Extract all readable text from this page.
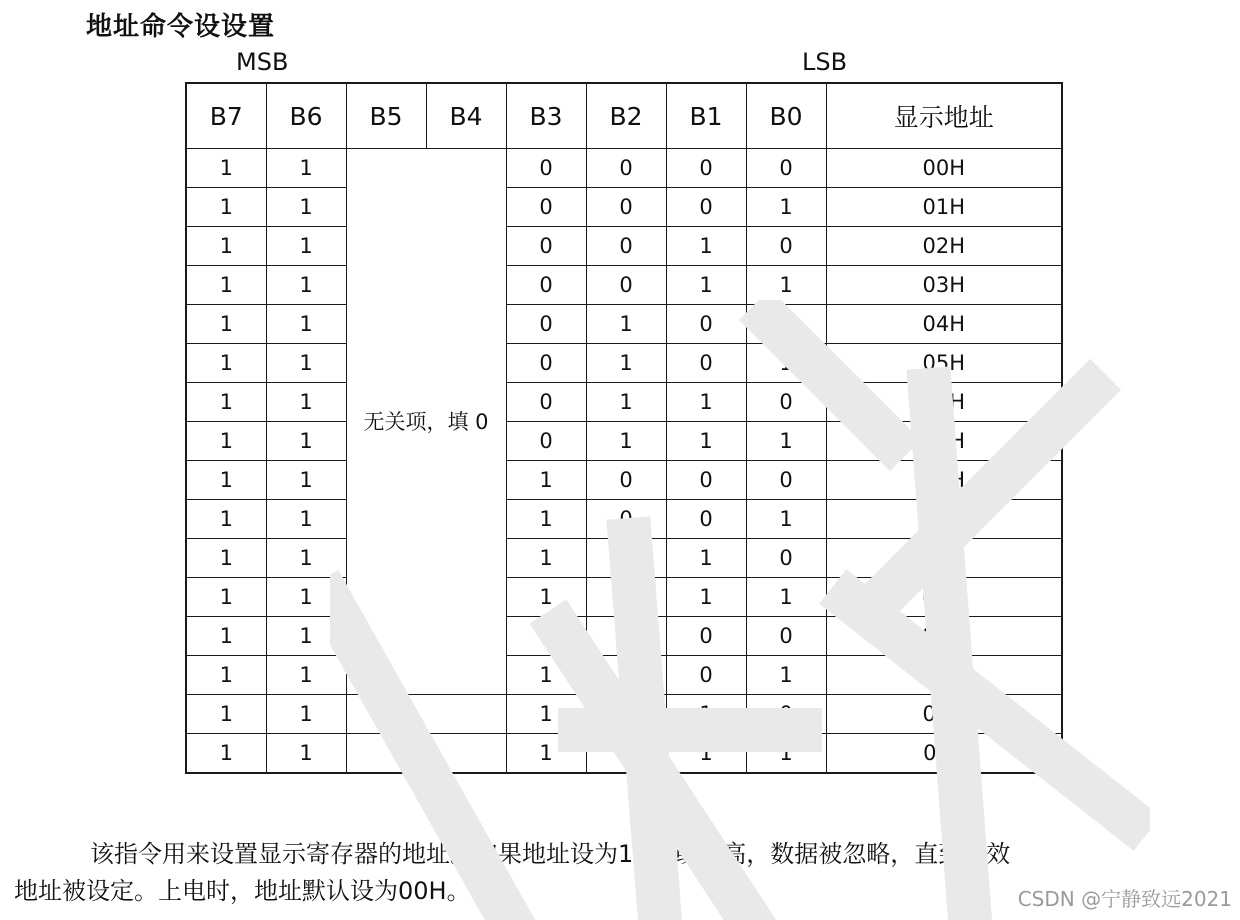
地址命令设设置
MSB	LSB
B7	B6	B5	B4	B3	B2	B1	B0	显示地址
1	1	无关项，填 0		0	0	0	0	00H
1	1			0	0	0	1	01H
1	1			0	0	1	0	02H
1	1			0	0	1	1	03H
1	1			0	1	0	0	04H
1	1			0	1	0	1	05H
1	1			0	1	1	0	06H
1	1			0	1	1	1	07H
1	1			1	0	0	0	08H
1	1			1	0	0	1	09H
1	1			1	0	1	0	0AH
1	1			1	0	1	1	0BH
1	1			1	1	0	0	0CH
1	1			1	1	0	1	0DH
1	1			1	1	1	0	0EH
1	1			1	1	1	1	0FH

该指令用来设置显示寄存器的地址。如果地址设为10H 或更高，数据被忽略，直到有效

地址被设定。上电时，地址默认设为00H。	CSDN @宁静致远2021
